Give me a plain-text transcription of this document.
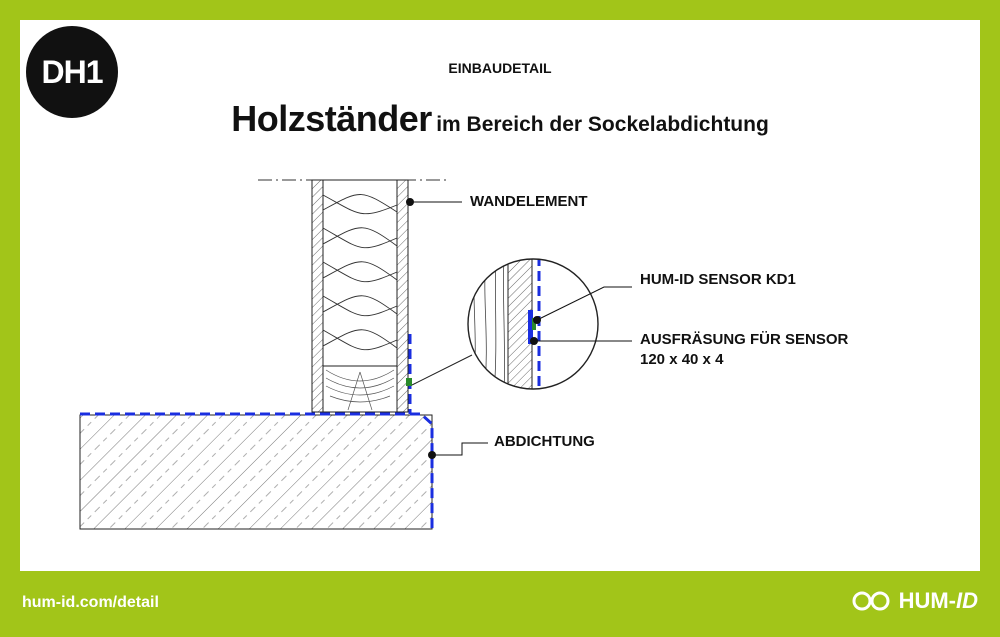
DH1	EINBAUDETAIL
Holzständer im Bereich der Sockelabdichtung
WANDELEMENT
HUM-ID SENSOR KD1
AUSFRÄSUNG FÜR SENSOR
120 x 40 x 4
ABDICHTUNG
hum-id.com/detail	HUM-ID
